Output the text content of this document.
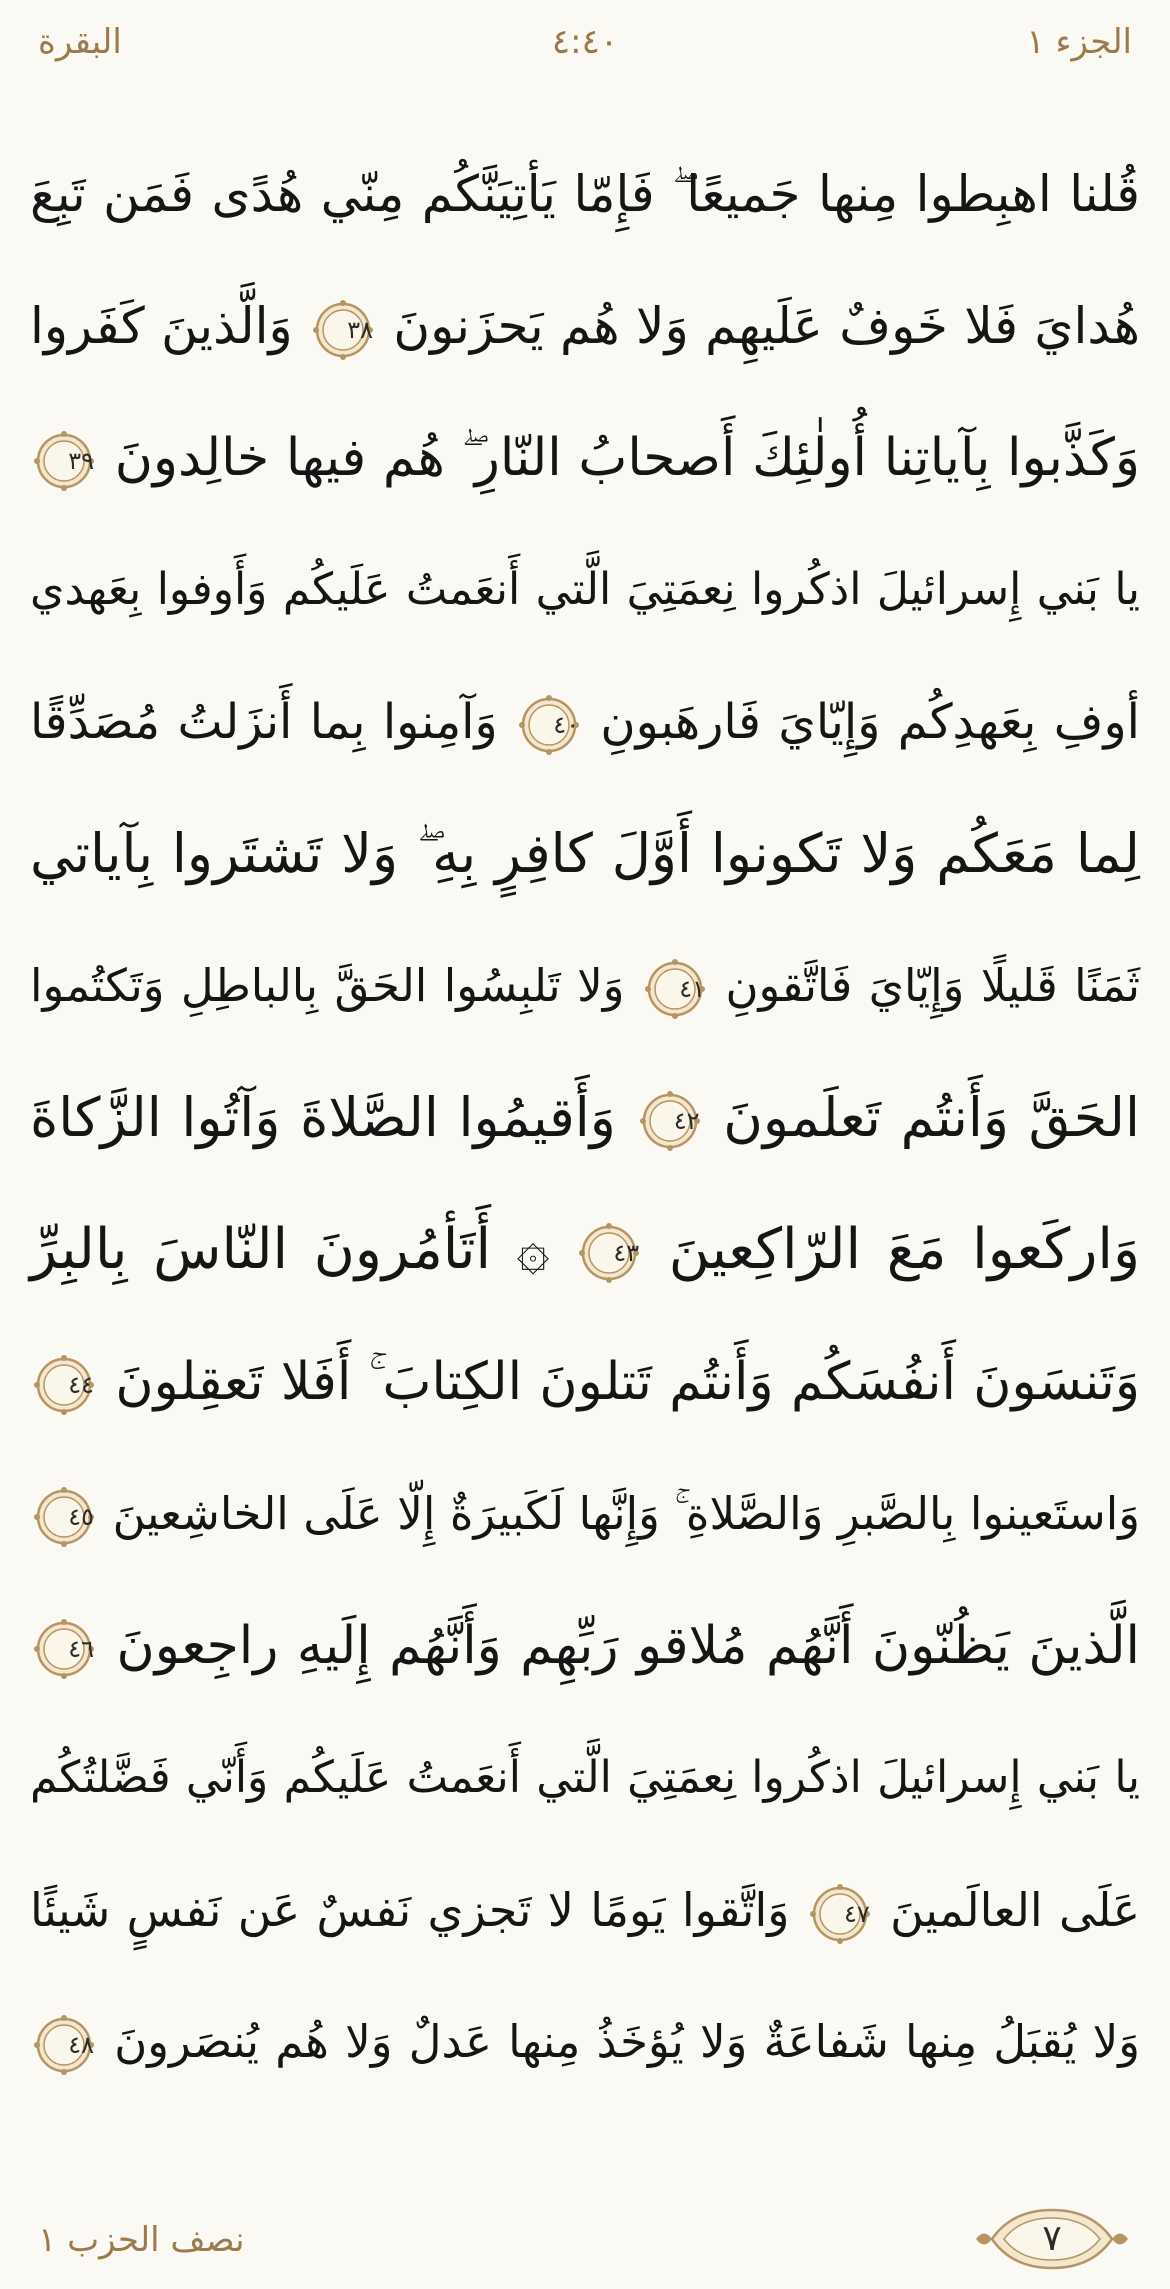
الجزء ١
٤:٤٠
البقرة
قُلنا اهبِطوا مِنها جَميعًا ۖ فَإِمّا يَأتِيَنَّكُم مِنّي هُدًى فَمَن تَبِعَ
هُدايَ فَلا خَوفٌ عَلَيهِم وَلا هُم يَحزَنونَ
٣٨
وَالَّذينَ كَفَروا
وَكَذَّبوا بِآياتِنا أُولٰئِكَ أَصحابُ النّارِ ۖ هُم فيها خالِدونَ
٣٩
يا بَني إِسرائيلَ اذكُروا نِعمَتِيَ الَّتي أَنعَمتُ عَلَيكُم وَأَوفوا بِعَهدي
أوفِ بِعَهدِكُم وَإِيّايَ فَارهَبونِ
٤٠
وَآمِنوا بِما أَنزَلتُ مُصَدِّقًا
لِما مَعَكُم وَلا تَكونوا أَوَّلَ كافِرٍ بِهِ ۖ وَلا تَشتَروا بِآياتي
ثَمَنًا قَليلًا وَإِيّايَ فَاتَّقونِ
٤١
وَلا تَلبِسُوا الحَقَّ بِالباطِلِ وَتَكتُموا
الحَقَّ وَأَنتُم تَعلَمونَ
٤٢
وَأَقيمُوا الصَّلاةَ وَآتُوا الزَّكاةَ
وَاركَعوا مَعَ الرّاكِعينَ
٤٣
۞ أَتَأمُرونَ النّاسَ بِالبِرِّ
وَتَنسَونَ أَنفُسَكُم وَأَنتُم تَتلونَ الكِتابَ ۚ أَفَلا تَعقِلونَ
٤٤
وَاستَعينوا بِالصَّبرِ وَالصَّلاةِ ۚ وَإِنَّها لَكَبيرَةٌ إِلّا عَلَى الخاشِعينَ
٤٥
الَّذينَ يَظُنّونَ أَنَّهُم مُلاقو رَبِّهِم وَأَنَّهُم إِلَيهِ راجِعونَ
٤٦
يا بَني إِسرائيلَ اذكُروا نِعمَتِيَ الَّتي أَنعَمتُ عَلَيكُم وَأَنّي فَضَّلتُكُم
عَلَى العالَمينَ
٤٧
وَاتَّقوا يَومًا لا تَجزي نَفسٌ عَن نَفسٍ شَيئًا
وَلا يُقبَلُ مِنها شَفاعَةٌ وَلا يُؤخَذُ مِنها عَدلٌ وَلا هُم يُنصَرونَ
٤٨
نصف الحزب ١	٧
